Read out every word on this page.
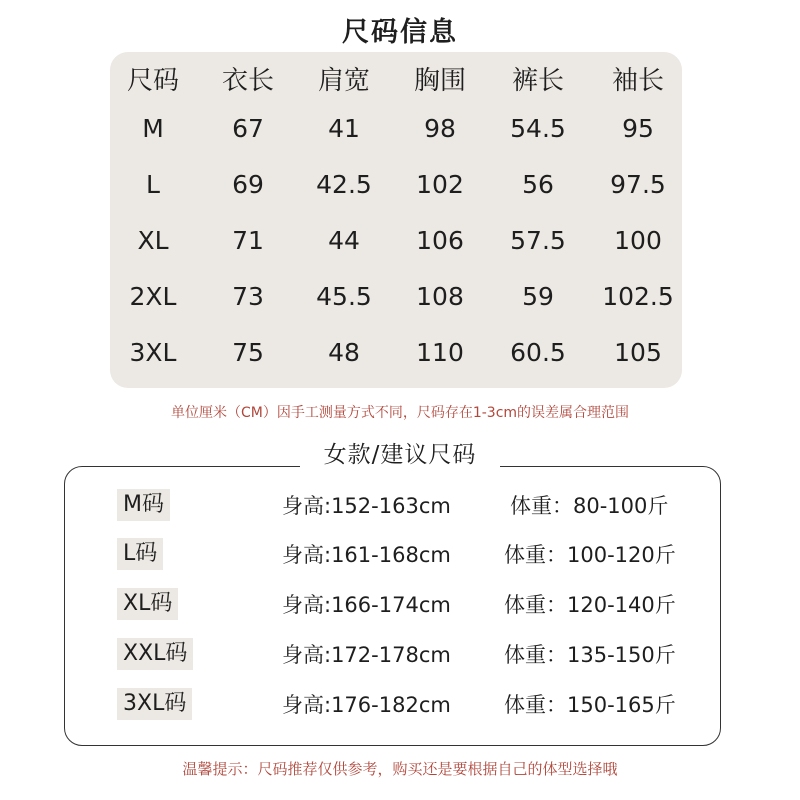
尺码信息
尺码	衣长	肩宽	胸围	裤长	袖长
M	67	41	98	54.5	95
L	69	42.5	102	56	97.5
XL	71	44	106	57.5	100
2XL	73	45.5	108	59	102.5
3XL	75	48	110	60.5	105
单位厘米（CM）因手工测量方式不同，尺码存在1-3cm的误差属合理范围
女款/建议尺码
M码	身高:152-163cm	体重：80-100斤
L码	身高:161-168cm	体重：100-120斤
XL码	身高:166-174cm	体重：120-140斤
XXL码	身高:172-178cm	体重：135-150斤
3XL码	身高:176-182cm	体重：150-165斤
温馨提示：尺码推荐仅供参考，购买还是要根据自己的体型选择哦
